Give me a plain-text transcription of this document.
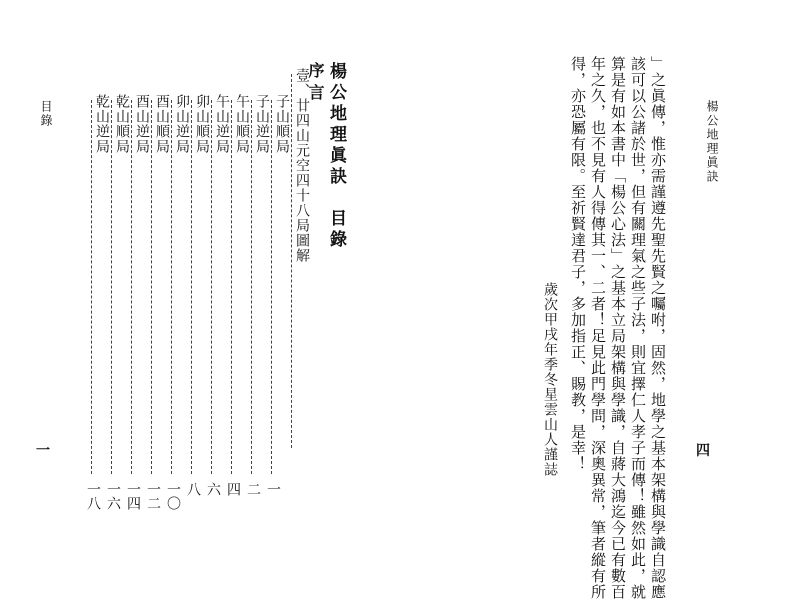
楊公地理眞訣
四
」之眞傳，惟亦需謹遵先聖先賢之囑咐，固然，地學之基本架構與學識自認應
該可以公諸於世，但有關理氣之些子法，則宜擇仁人孝子而傳！雖然如此，就
算是有如本書中「楊公心法」之基本立局架構與學識，自蔣大鴻迄今已有數百
年之久，也不見有人得傳其一、二者！足見此門學問，深奧異常，筆者縱有所
得，亦恐屬有限。至祈賢達君子，多加指正、賜教，是幸！
歲次甲戌年季冬星雲山人謹誌
楊公地理眞訣　目錄
序言
壹、廿四山元空四十八局圖解
子山順局
子山逆局
午山順局
午山逆局
卯山順局
卯山逆局
酉山順局
酉山逆局
乾山順局
乾山逆局
一
二
四
六
八
一〇
一二
一四
一六
一八
目錄
一
